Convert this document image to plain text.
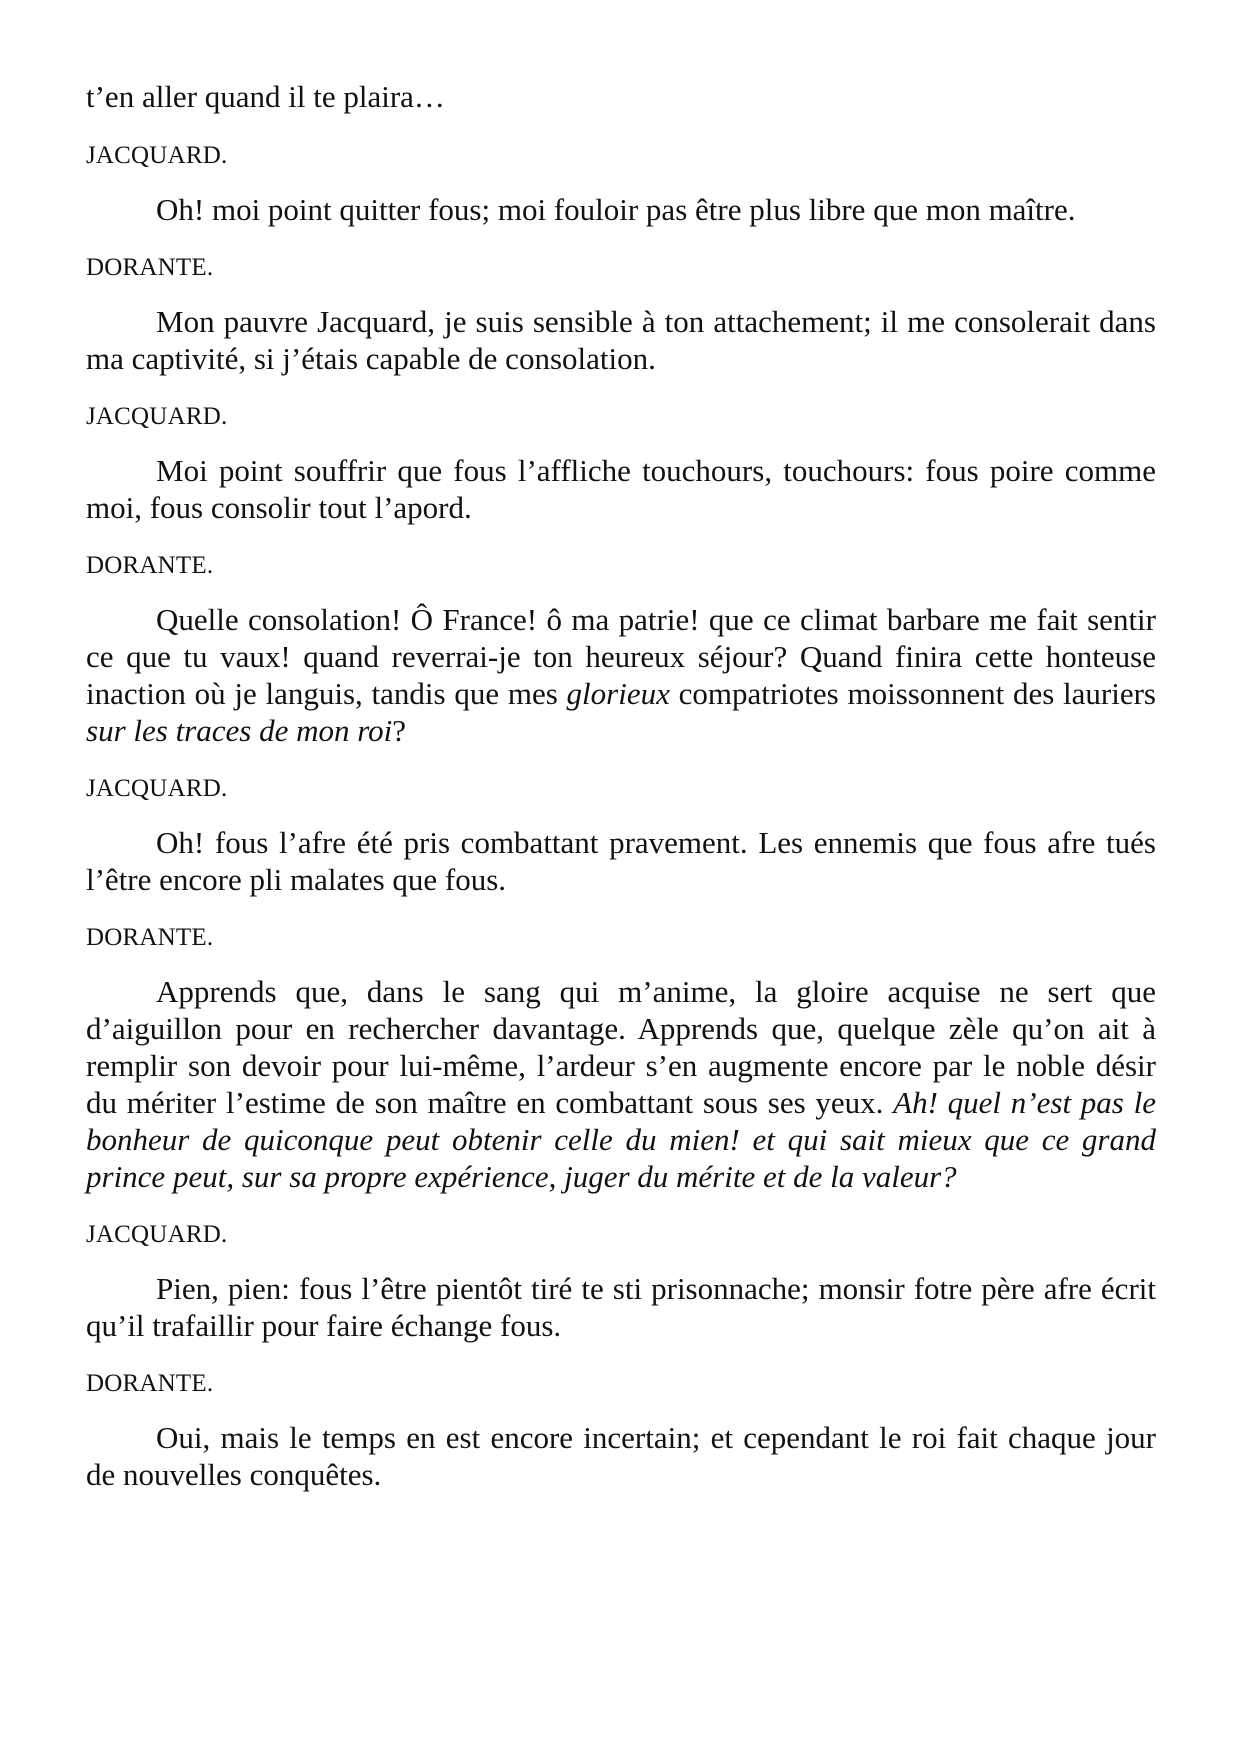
t’en aller quand il te plaira…

JACQUARD.

Oh! moi point quitter fous; moi fouloir pas être plus libre que mon maître.

DORANTE.

Mon pauvre Jacquard, je suis sensible à ton attachement; il me consolerait dans ma captivité, si j’étais capable de consolation.

JACQUARD.

Moi point souffrir que fous l’affliche touchours, touchours: fous poire comme moi, fous consolir tout l’apord.

DORANTE.

Quelle consolation! Ô France! ô ma patrie! que ce climat barbare me fait sentir ce que tu vaux! quand reverrai-je ton heureux séjour? Quand finira cette honteuse inaction où je languis, tandis que mes glorieux compatriotes moissonnent des lauriers sur les traces de mon roi?

JACQUARD.

Oh! fous l’afre été pris combattant pravement. Les ennemis que fous afre tués l’être encore pli malates que fous.

DORANTE.

Apprends que, dans le sang qui m’anime, la gloire acquise ne sert que d’aiguillon pour en rechercher davantage. Apprends que, quelque zèle qu’on ait à remplir son devoir pour lui-même, l’ardeur s’en augmente encore par le noble désir du mériter l’estime de son maître en combattant sous ses yeux. Ah! quel n’est pas le bonheur de quiconque peut obtenir celle du mien! et qui sait mieux que ce grand prince peut, sur sa propre expérience, juger du mérite et de la valeur?

JACQUARD.

Pien, pien: fous l’être pientôt tiré te sti prisonnache; monsir fotre père afre écrit qu’il trafaillir pour faire échange fous.

DORANTE.

Oui, mais le temps en est encore incertain; et cependant le roi fait chaque jour de nouvelles conquêtes.
